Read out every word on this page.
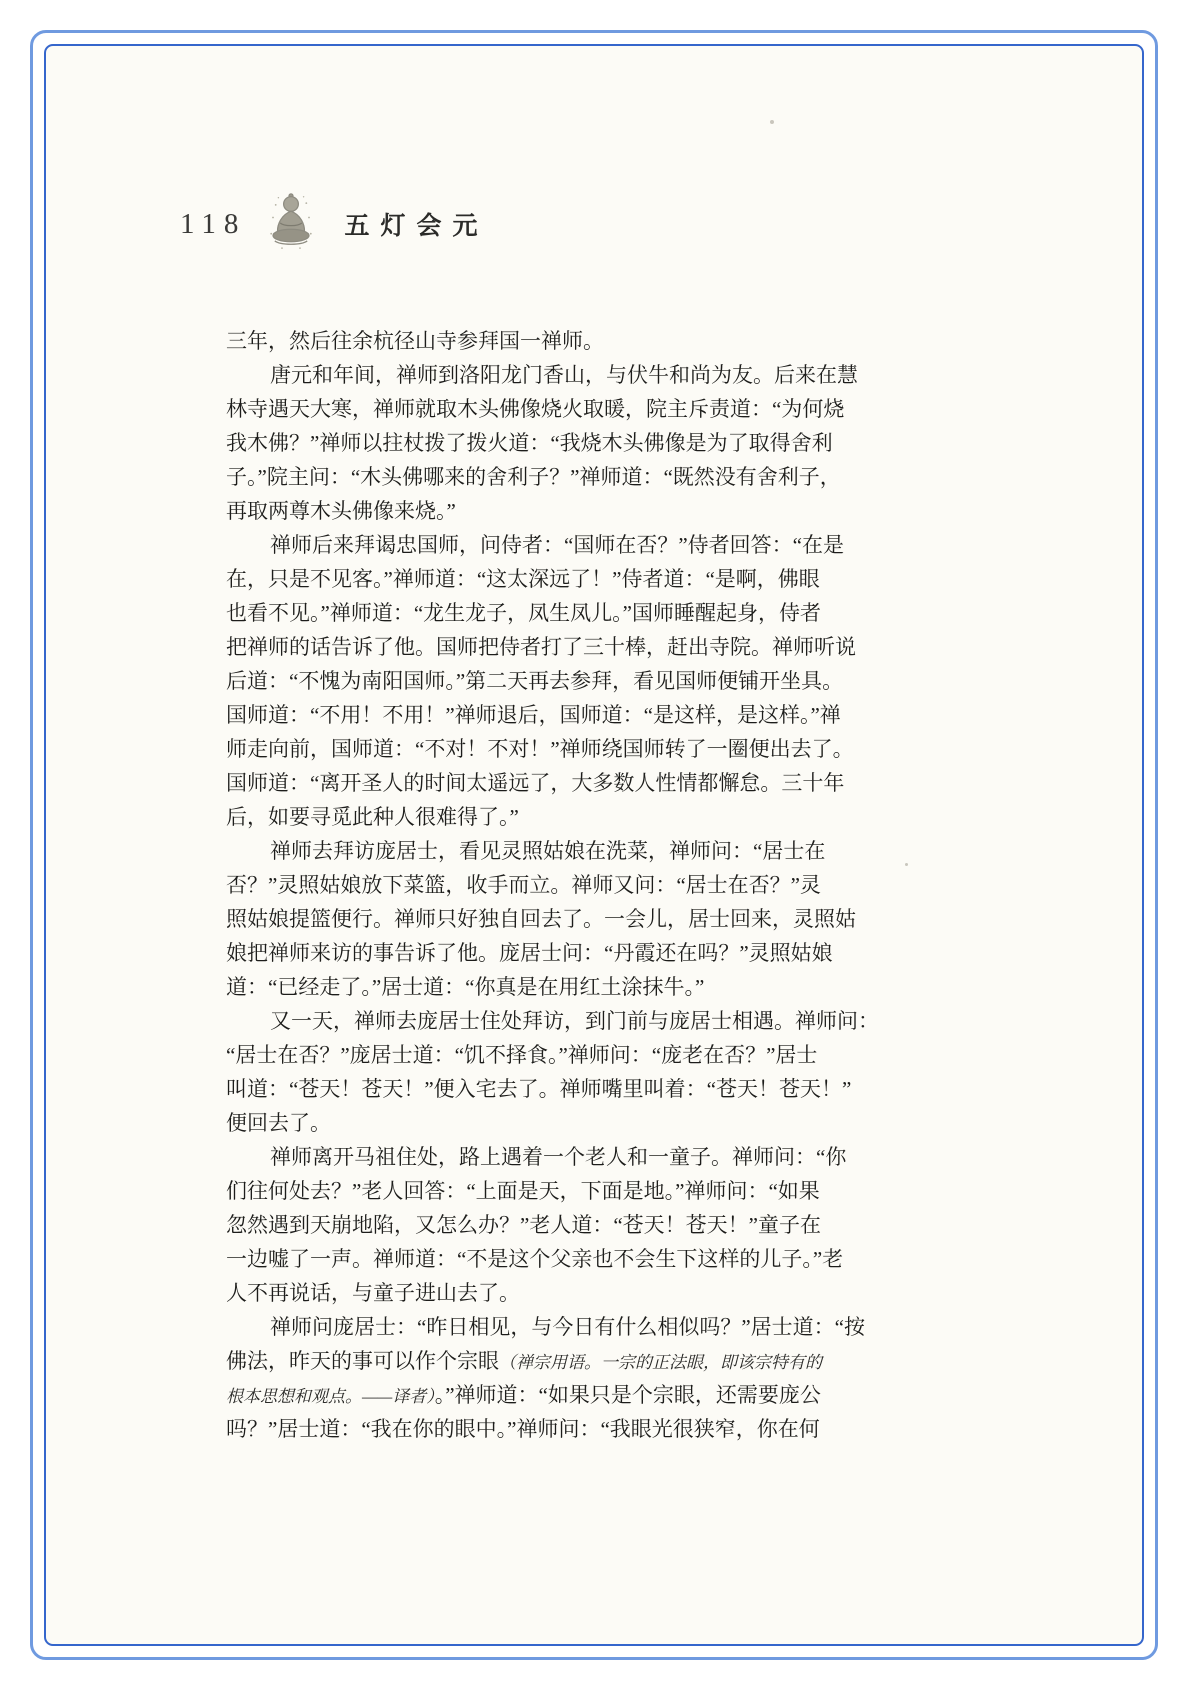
118	五灯会元
三年，然后往余杭径山寺参拜国一禅师。
唐元和年间，禅师到洛阳龙门香山，与伏牛和尚为友。后来在慧
林寺遇天大寒，禅师就取木头佛像烧火取暖，院主斥责道：“为何烧
我木佛？”禅师以拄杖拨了拨火道：“我烧木头佛像是为了取得舍利
子。”院主问：“木头佛哪来的舍利子？”禅师道：“既然没有舍利子，
再取两尊木头佛像来烧。”
禅师后来拜谒忠国师，问侍者：“国师在否？”侍者回答：“在是
在，只是不见客。”禅师道：“这太深远了！”侍者道：“是啊，佛眼
也看不见。”禅师道：“龙生龙子，凤生凤儿。”国师睡醒起身，侍者
把禅师的话告诉了他。国师把侍者打了三十棒，赶出寺院。禅师听说
后道：“不愧为南阳国师。”第二天再去参拜，看见国师便铺开坐具。
国师道：“不用！不用！”禅师退后，国师道：“是这样，是这样。”禅
师走向前，国师道：“不对！不对！”禅师绕国师转了一圈便出去了。
国师道：“离开圣人的时间太遥远了，大多数人性情都懈怠。三十年
后，如要寻觅此种人很难得了。”
禅师去拜访庞居士，看见灵照姑娘在洗菜，禅师问：“居士在
否？”灵照姑娘放下菜篮，收手而立。禅师又问：“居士在否？”灵
照姑娘提篮便行。禅师只好独自回去了。一会儿，居士回来，灵照姑
娘把禅师来访的事告诉了他。庞居士问：“丹霞还在吗？”灵照姑娘
道：“已经走了。”居士道：“你真是在用红土涂抹牛。”
又一天，禅师去庞居士住处拜访，到门前与庞居士相遇。禅师问：
“居士在否？”庞居士道：“饥不择食。”禅师问：“庞老在否？”居士
叫道：“苍天！苍天！”便入宅去了。禅师嘴里叫着：“苍天！苍天！”
便回去了。
禅师离开马祖住处，路上遇着一个老人和一童子。禅师问：“你
们往何处去？”老人回答：“上面是天，下面是地。”禅师问：“如果
忽然遇到天崩地陷，又怎么办？”老人道：“苍天！苍天！”童子在
一边嘘了一声。禅师道：“不是这个父亲也不会生下这样的儿子。”老
人不再说话，与童子进山去了。
禅师问庞居士：“昨日相见，与今日有什么相似吗？”居士道：“按
佛法，昨天的事可以作个宗眼（禅宗用语。一宗的正法眼，即该宗特有的
根本思想和观点。——译者）。”禅师道：“如果只是个宗眼，还需要庞公
吗？”居士道：“我在你的眼中。”禅师问：“我眼光很狭窄，你在何
